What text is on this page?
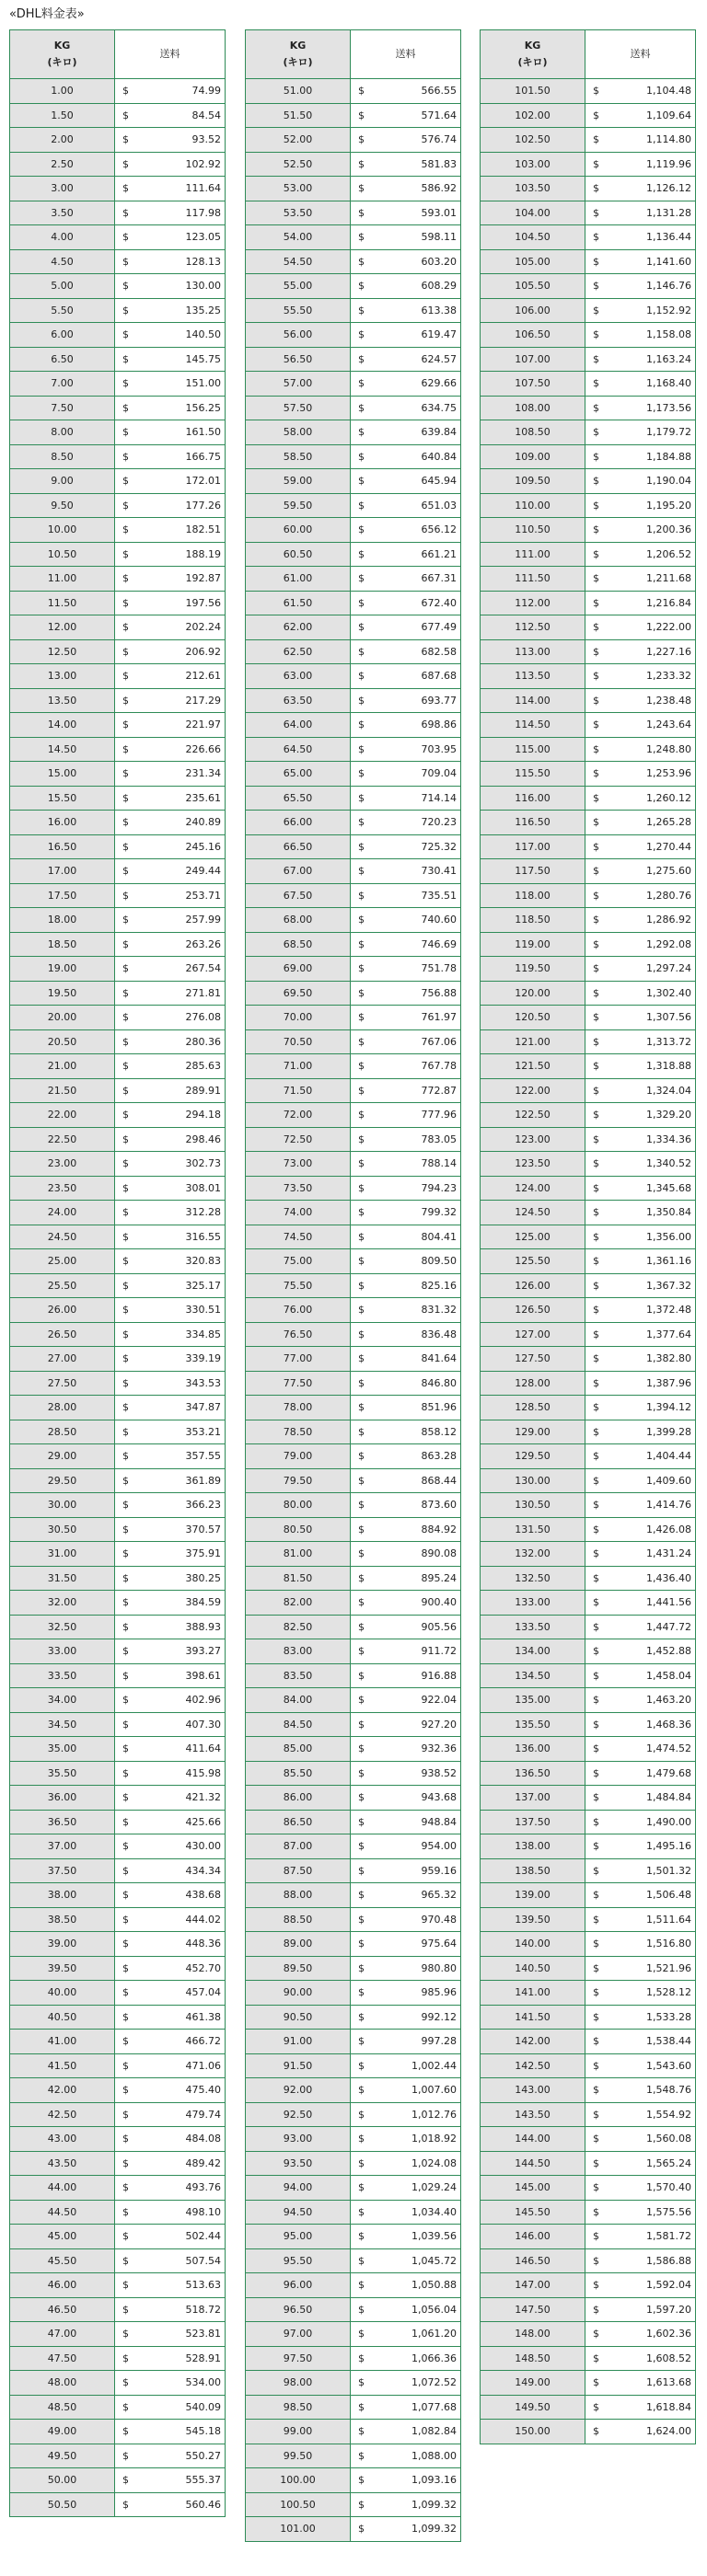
«DHL料金表»
KG
(キロ)	送料
1.00	$ 74.99

1.50	$ 84.54

2.00	$ 93.52

2.50	$ 102.92

3.00	$ 111.64

3.50	$ 117.98

4.00	$ 123.05

4.50	$ 128.13

5.00	$ 130.00

5.50	$ 135.25

6.00	$ 140.50

6.50	$ 145.75

7.00	$ 151.00

7.50	$ 156.25

8.00	$ 161.50

8.50	$ 166.75

9.00	$ 172.01

9.50	$ 177.26

10.00	$ 182.51

10.50	$ 188.19

11.00	$ 192.87

11.50	$ 197.56

12.00	$ 202.24

12.50	$ 206.92

13.00	$ 212.61

13.50	$ 217.29

14.00	$ 221.97

14.50	$ 226.66

15.00	$ 231.34

15.50	$ 235.61

16.00	$ 240.89

16.50	$ 245.16

17.00	$ 249.44

17.50	$ 253.71

18.00	$ 257.99

18.50	$ 263.26

19.00	$ 267.54

19.50	$ 271.81

20.00	$ 276.08

20.50	$ 280.36

21.00	$ 285.63

21.50	$ 289.91

22.00	$ 294.18

22.50	$ 298.46

23.00	$ 302.73

23.50	$ 308.01

24.00	$ 312.28

24.50	$ 316.55

25.00	$ 320.83

25.50	$ 325.17

26.00	$ 330.51

26.50	$ 334.85

27.00	$ 339.19

27.50	$ 343.53

28.00	$ 347.87

28.50	$ 353.21

29.00	$ 357.55

29.50	$ 361.89

30.00	$ 366.23

30.50	$ 370.57

31.00	$ 375.91

31.50	$ 380.25

32.00	$ 384.59

32.50	$ 388.93

33.00	$ 393.27

33.50	$ 398.61

34.00	$ 402.96

34.50	$ 407.30

35.00	$ 411.64

35.50	$ 415.98

36.00	$ 421.32

36.50	$ 425.66

37.00	$ 430.00

37.50	$ 434.34

38.00	$ 438.68

38.50	$ 444.02

39.00	$ 448.36

39.50	$ 452.70

40.00	$ 457.04

40.50	$ 461.38

41.00	$ 466.72

41.50	$ 471.06

42.00	$ 475.40

42.50	$ 479.74

43.00	$ 484.08

43.50	$ 489.42

44.00	$ 493.76

44.50	$ 498.10

45.00	$ 502.44

45.50	$ 507.54

46.00	$ 513.63

46.50	$ 518.72

47.00	$ 523.81

47.50	$ 528.91

48.00	$ 534.00

48.50	$ 540.09

49.00	$ 545.18

49.50	$ 550.27

50.00	$ 555.37

50.50	$ 560.46
KG
(キロ)	送料
51.00	$ 566.55

51.50	$ 571.64

52.00	$ 576.74

52.50	$ 581.83

53.00	$ 586.92

53.50	$ 593.01

54.00	$ 598.11

54.50	$ 603.20

55.00	$ 608.29

55.50	$ 613.38

56.00	$ 619.47

56.50	$ 624.57

57.00	$ 629.66

57.50	$ 634.75

58.00	$ 639.84

58.50	$ 640.84

59.00	$ 645.94

59.50	$ 651.03

60.00	$ 656.12

60.50	$ 661.21

61.00	$ 667.31

61.50	$ 672.40

62.00	$ 677.49

62.50	$ 682.58

63.00	$ 687.68

63.50	$ 693.77

64.00	$ 698.86

64.50	$ 703.95

65.00	$ 709.04

65.50	$ 714.14

66.00	$ 720.23

66.50	$ 725.32

67.00	$ 730.41

67.50	$ 735.51

68.00	$ 740.60

68.50	$ 746.69

69.00	$ 751.78

69.50	$ 756.88

70.00	$ 761.97

70.50	$ 767.06

71.00	$ 767.78

71.50	$ 772.87

72.00	$ 777.96

72.50	$ 783.05

73.00	$ 788.14

73.50	$ 794.23

74.00	$ 799.32

74.50	$ 804.41

75.00	$ 809.50

75.50	$ 825.16

76.00	$ 831.32

76.50	$ 836.48

77.00	$ 841.64

77.50	$ 846.80

78.00	$ 851.96

78.50	$ 858.12

79.00	$ 863.28

79.50	$ 868.44

80.00	$ 873.60

80.50	$ 884.92

81.00	$ 890.08

81.50	$ 895.24

82.00	$ 900.40

82.50	$ 905.56

83.00	$ 911.72

83.50	$ 916.88

84.00	$ 922.04

84.50	$ 927.20

85.00	$ 932.36

85.50	$ 938.52

86.00	$ 943.68

86.50	$ 948.84

87.00	$ 954.00

87.50	$ 959.16

88.00	$ 965.32

88.50	$ 970.48

89.00	$ 975.64

89.50	$ 980.80

90.00	$ 985.96

90.50	$ 992.12

91.00	$ 997.28

91.50	$ 1,002.44

92.00	$ 1,007.60

92.50	$ 1,012.76

93.00	$ 1,018.92

93.50	$ 1,024.08

94.00	$ 1,029.24

94.50	$ 1,034.40

95.00	$ 1,039.56

95.50	$ 1,045.72

96.00	$ 1,050.88

96.50	$ 1,056.04

97.00	$ 1,061.20

97.50	$ 1,066.36

98.00	$ 1,072.52

98.50	$ 1,077.68

99.00	$ 1,082.84

99.50	$ 1,088.00

100.00	$ 1,093.16

100.50	$ 1,099.32

101.00	$ 1,099.32
KG
(キロ)	送料
101.50	$ 1,104.48

102.00	$ 1,109.64

102.50	$ 1,114.80

103.00	$ 1,119.96

103.50	$ 1,126.12

104.00	$ 1,131.28

104.50	$ 1,136.44

105.00	$ 1,141.60

105.50	$ 1,146.76

106.00	$ 1,152.92

106.50	$ 1,158.08

107.00	$ 1,163.24

107.50	$ 1,168.40

108.00	$ 1,173.56

108.50	$ 1,179.72

109.00	$ 1,184.88

109.50	$ 1,190.04

110.00	$ 1,195.20

110.50	$ 1,200.36

111.00	$ 1,206.52

111.50	$ 1,211.68

112.00	$ 1,216.84

112.50	$ 1,222.00

113.00	$ 1,227.16

113.50	$ 1,233.32

114.00	$ 1,238.48

114.50	$ 1,243.64

115.00	$ 1,248.80

115.50	$ 1,253.96

116.00	$ 1,260.12

116.50	$ 1,265.28

117.00	$ 1,270.44

117.50	$ 1,275.60

118.00	$ 1,280.76

118.50	$ 1,286.92

119.00	$ 1,292.08

119.50	$ 1,297.24

120.00	$ 1,302.40

120.50	$ 1,307.56

121.00	$ 1,313.72

121.50	$ 1,318.88

122.00	$ 1,324.04

122.50	$ 1,329.20

123.00	$ 1,334.36

123.50	$ 1,340.52

124.00	$ 1,345.68

124.50	$ 1,350.84

125.00	$ 1,356.00

125.50	$ 1,361.16

126.00	$ 1,367.32

126.50	$ 1,372.48

127.00	$ 1,377.64

127.50	$ 1,382.80

128.00	$ 1,387.96

128.50	$ 1,394.12

129.00	$ 1,399.28

129.50	$ 1,404.44

130.00	$ 1,409.60

130.50	$ 1,414.76

131.50	$ 1,426.08

132.00	$ 1,431.24

132.50	$ 1,436.40

133.00	$ 1,441.56

133.50	$ 1,447.72

134.00	$ 1,452.88

134.50	$ 1,458.04

135.00	$ 1,463.20

135.50	$ 1,468.36

136.00	$ 1,474.52

136.50	$ 1,479.68

137.00	$ 1,484.84

137.50	$ 1,490.00

138.00	$ 1,495.16

138.50	$ 1,501.32

139.00	$ 1,506.48

139.50	$ 1,511.64

140.00	$ 1,516.80

140.50	$ 1,521.96

141.00	$ 1,528.12

141.50	$ 1,533.28

142.00	$ 1,538.44

142.50	$ 1,543.60

143.00	$ 1,548.76

143.50	$ 1,554.92

144.00	$ 1,560.08

144.50	$ 1,565.24

145.00	$ 1,570.40

145.50	$ 1,575.56

146.00	$ 1,581.72

146.50	$ 1,586.88

147.00	$ 1,592.04

147.50	$ 1,597.20

148.00	$ 1,602.36

148.50	$ 1,608.52

149.00	$ 1,613.68

149.50	$ 1,618.84

150.00	$ 1,624.00
